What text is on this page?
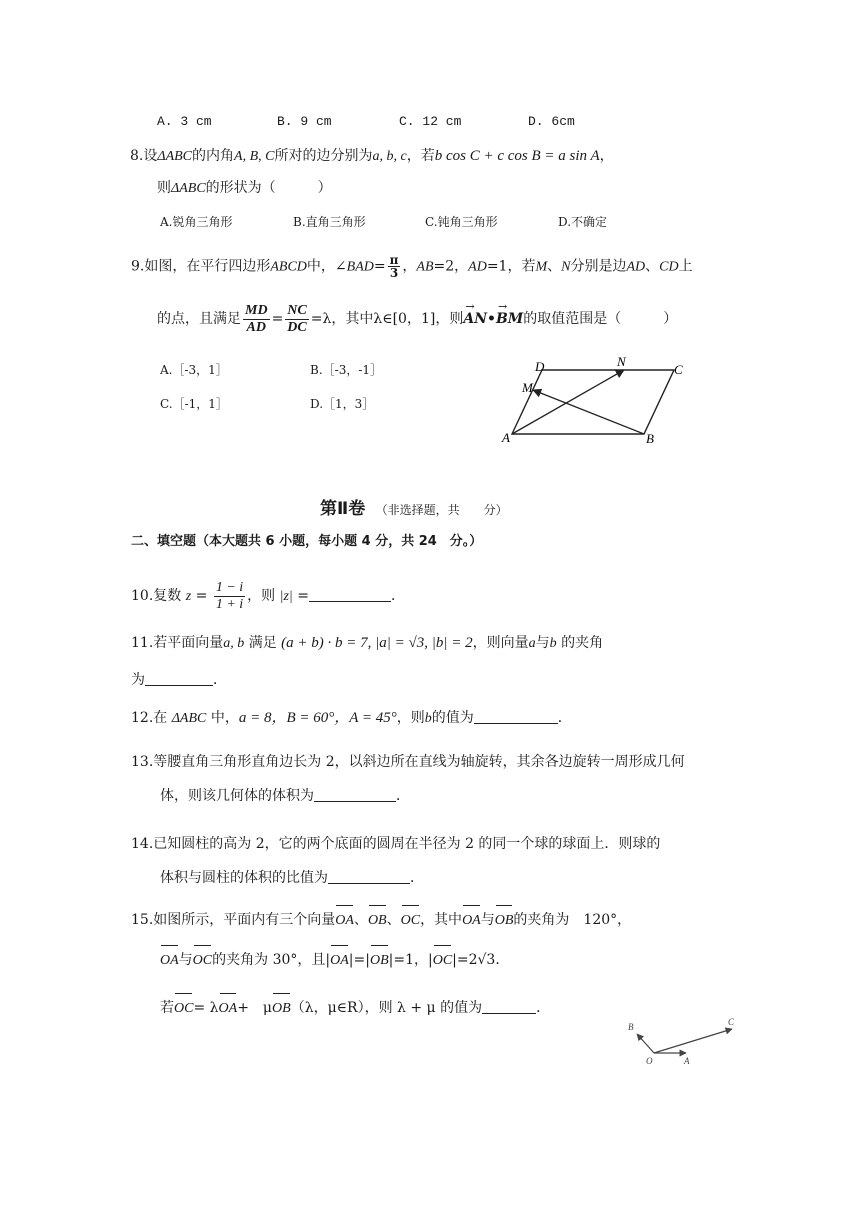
A. 3 cm	B. 9 cm	C. 12 cm	D. 6cm
8.设ΔABC的内角A, B, C所对的边分别为a, b, c，若b cos C + c cos B = a sin A，
则ΔABC的形状为（　　　）
A.锐角三角形	B.直角三角形	C.钝角三角形	D.不确定
9.如图，在平行四边形ABCD中，∠BAD= $\frac{\pi}{3}$ ，AB=2，AD=1，若M、N分别是边AD、CD上
的点，且满足 $\frac{MD}{AD} = \frac{NC}{DC} =\lambda$，其中λ∈[0，1]，则→ AN•→ BM的取值范围是（　　　）
A.［-3，1］	B.［-3，-1］
C.［-1，1］	D.［1，3］
A	B
C
D
M
N
第Ⅱ卷 （非选择题，共　　分）
二、填空题（本大题共 6 小题，每小题 4 分，共 24　分。）
10.复数 $z = \frac{1 - i}{1 + i}$ ，则 |z| =	．
11.若平面向量a, b 满足 (a + b) · b = 7, |a| = √3, |b| = 2，则向量a与b 的夹角
为	．
12.在 ΔABC 中，a = 8，B = 60°，A = 45°，则b的值为	．
13.等腰直角三角形直角边长为 2，以斜边所在直线为轴旋转，其余各边旋转一周形成几何
体，则该几何体的体积为	．
14.已知圆柱的高为 2，它的两个底面的圆周在半径为 2 的同一个球的球面上．则球的
体积与圆柱的体积的比值为	．
15.如图所示，平面内有三个向量OA、OB、OC，其中OA与OB的夹角为　120°，
OA与OC的夹角为 30°，且|OA|=|OB|=1，|OC|=2√3．
若OC= λOA+　μOB（λ，μ∈R），则 λ + μ 的值为	．
O	A
B	C
